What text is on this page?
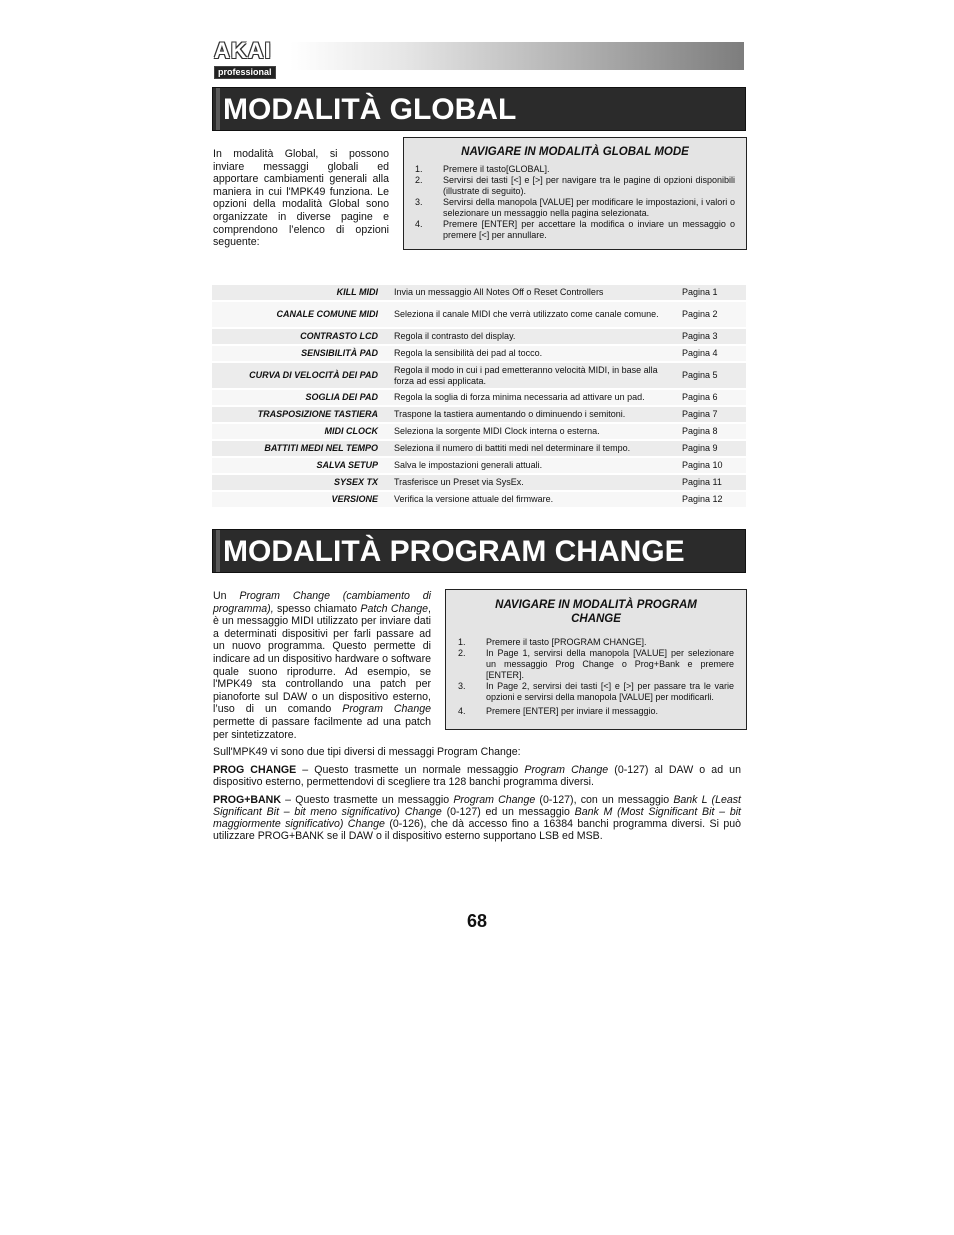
AKAI
professional
MODALITÀ GLOBAL

In modalità Global, si possono inviare messaggi globali ed apportare cambiamenti generali alla maniera in cui l'MPK49 funziona. Le opzioni della modalità Global sono organizzate in diverse pagine e comprendono l’elenco di opzioni seguente:

NAVIGARE IN MODALITÀ GLOBAL MODE
1.	Premere il tasto[GLOBAL].
2.	Servirsi dei tasti [<] e [>] per navigare tra le pagine di opzioni disponibili (illustrate di seguito).
3.	Servirsi della manopola [VALUE] per modificare le impostazioni, i valori o selezionare un messaggio nella pagina selezionata.
4.	Premere [ENTER] per accettare la modifica o inviare un messaggio o premere [<] per annullare.
KILL MIDI	Invia un messaggio All Notes Off o Reset Controllers	Pagina 1
CANALE COMUNE MIDI	Seleziona il canale MIDI che verrà utilizzato come canale comune.	Pagina 2
CONTRASTO LCD	Regola il contrasto del display.	Pagina 3
SENSIBILITÀ PAD	Regola la sensibilità dei pad al tocco.	Pagina 4
CURVA DI VELOCITÀ DEI PAD	Regola il modo in cui i pad emetteranno velocità MIDI, in base alla forza ad essi applicata.	Pagina 5
SOGLIA DEI PAD	Regola la soglia di forza minima necessaria ad attivare un pad.	Pagina 6
TRASPOSIZIONE TASTIERA	Traspone la tastiera aumentando o diminuendo i semitoni.	Pagina 7
MIDI CLOCK	Seleziona la sorgente MIDI Clock interna o esterna.	Pagina 8
BATTITI MEDI NEL TEMPO	Seleziona il numero di battiti medi nel determinare il tempo.	Pagina 9
SALVA SETUP	Salva le impostazioni generali attuali.	Pagina 10
SYSEX TX	Trasferisce un Preset via SysEx.	Pagina 11
VERSIONE	Verifica la versione attuale del firmware.	Pagina 12
MODALITÀ PROGRAM CHANGE

Un Program Change (cambiamento di programma), spesso chiamato Patch Change, è un messaggio MIDI utilizzato per inviare dati a determinati dispositivi per farli passare ad un nuovo programma. Questo permette di indicare ad un dispositivo hardware o software quale suono riprodurre. Ad esempio, se l'MPK49 sta controllando una patch per pianoforte sul DAW o un dispositivo esterno, l’uso di un comando Program Change permette di passare facilmente ad una patch per sintetizzatore.

NAVIGARE IN MODALITÀ PROGRAM CHANGE
1.	Premere il tasto [PROGRAM CHANGE].
2.	In Page 1, servirsi della manopola [VALUE] per selezionare un messaggio Prog Change o Prog+Bank e premere [ENTER].
3.	In Page 2, servirsi dei tasti [<] e [>] per passare tra le varie opzioni e servirsi della manopola [VALUE] per modificarli.
4.	Premere [ENTER] per inviare il messaggio.

Sull'MPK49 vi sono due tipi diversi di messaggi Program Change:

PROG CHANGE – Questo trasmette un normale messaggio Program Change (0-127) al DAW o ad un dispositivo esterno, permettendovi di scegliere tra 128 banchi programma diversi.

PROG+BANK – Questo trasmette un messaggio Program Change (0-127), con un messaggio Bank L (Least Significant Bit – bit meno significativo) Change (0-127) ed un messaggio Bank M (Most Significant Bit – bit maggiormente significativo) Change (0-126), che dà accesso fino a 16384 banchi programma diversi. Si può utilizzare PROG+BANK se il DAW o il dispositivo esterno supportano LSB ed MSB.

68
